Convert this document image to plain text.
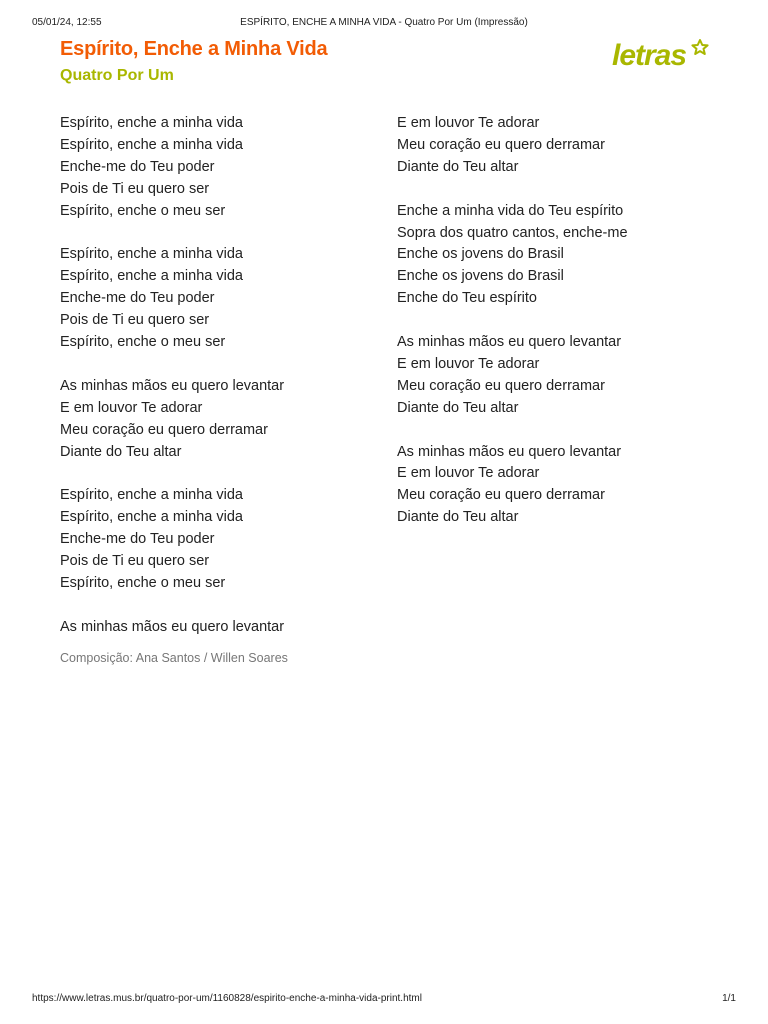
05/01/24, 12:55	ESPÍRITO, ENCHE A MINHA VIDA - Quatro Por Um (Impressão)
Espírito, Enche a Minha Vida
Quatro Por Um
letras
Espírito, enche a minha vida
Espírito, enche a minha vida
Enche-me do Teu poder
Pois de Ti eu quero ser
Espírito, enche o meu ser
Espírito, enche a minha vida
Espírito, enche a minha vida
Enche-me do Teu poder
Pois de Ti eu quero ser
Espírito, enche o meu ser
As minhas mãos eu quero levantar
E em louvor Te adorar
Meu coração eu quero derramar
Diante do Teu altar
Espírito, enche a minha vida
Espírito, enche a minha vida
Enche-me do Teu poder
Pois de Ti eu quero ser
Espírito, enche o meu ser
As minhas mãos eu quero levantar
E em louvor Te adorar
Meu coração eu quero derramar
Diante do Teu altar
Enche a minha vida do Teu espírito
Sopra dos quatro cantos, enche-me
Enche os jovens do Brasil
Enche os jovens do Brasil
Enche do Teu espírito
As minhas mãos eu quero levantar
E em louvor Te adorar
Meu coração eu quero derramar
Diante do Teu altar
As minhas mãos eu quero levantar
E em louvor Te adorar
Meu coração eu quero derramar
Diante do Teu altar
Composição: Ana Santos / Willen Soares
https://www.letras.mus.br/quatro-por-um/1160828/espirito-enche-a-minha-vida-print.html	1/1
